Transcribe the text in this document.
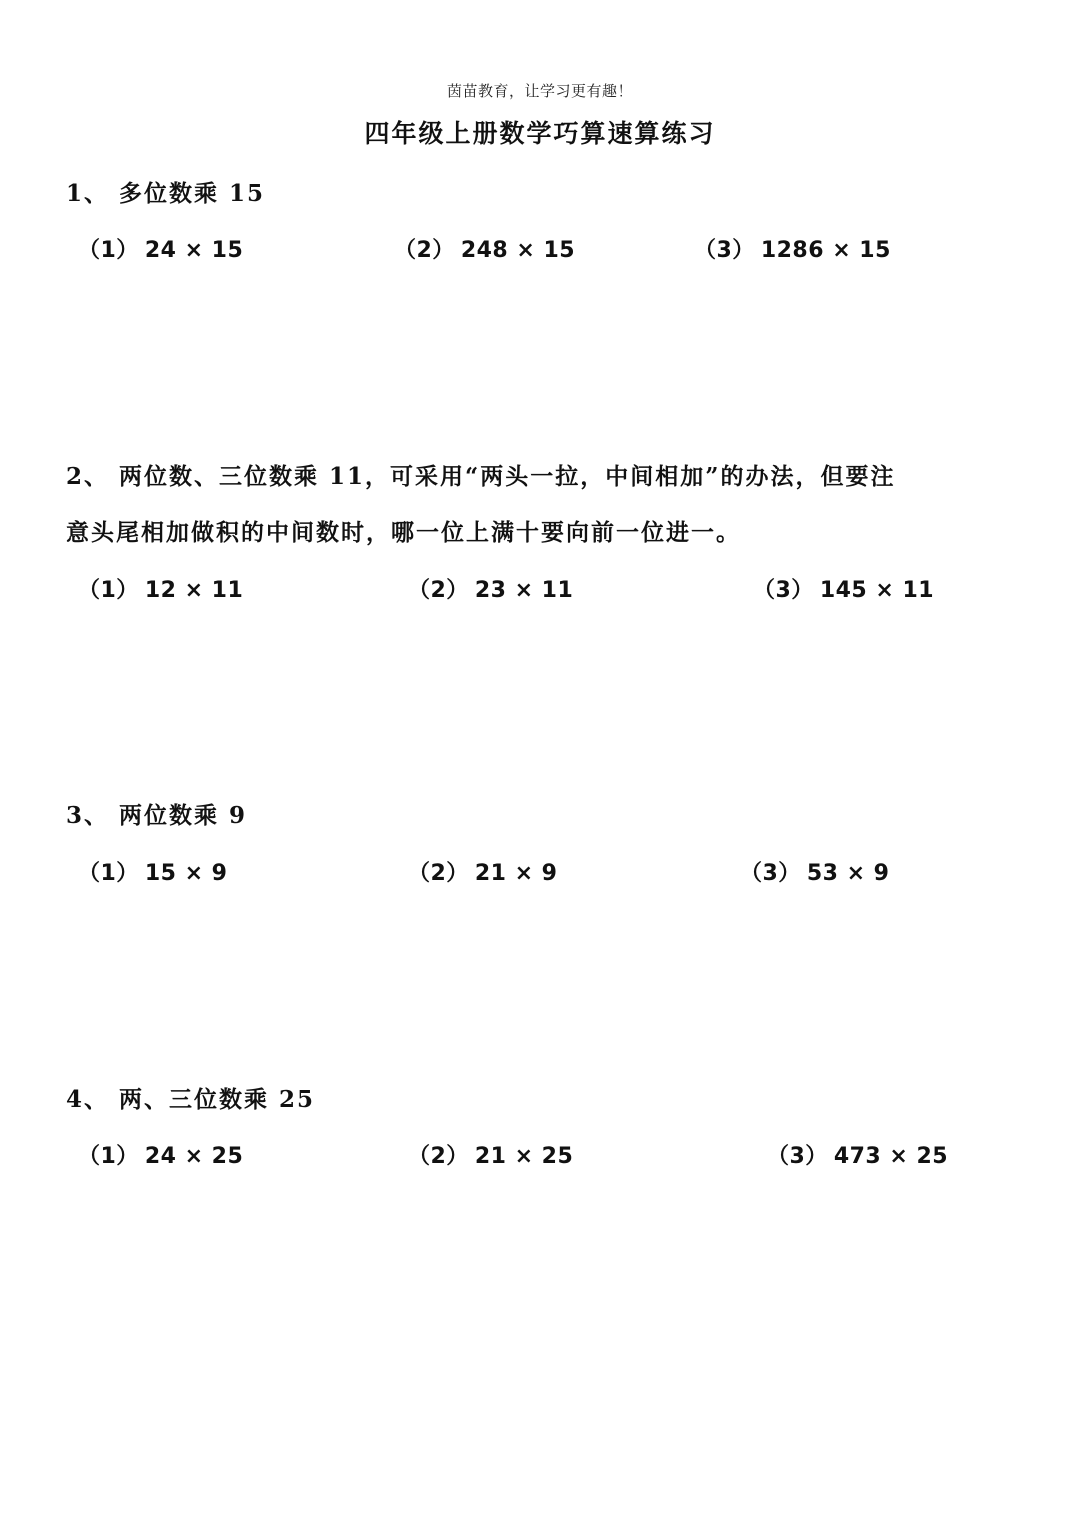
茵苗教育，让学习更有趣！
四年级上册数学巧算速算练习
1、 多位数乘 15
（1） 24 × 15	（2） 248 × 15	（3） 1286 × 15
2、 两位数、三位数乘 11，可采用“两头一拉，中间相加”的办法，但要注
意头尾相加做积的中间数时，哪一位上满十要向前一位进一。
（1） 12 × 11	（2） 23 × 11	（3） 145 × 11
3、 两位数乘 9
（1） 15 × 9	（2） 21 × 9	（3） 53 × 9
4、 两、三位数乘 25
（1） 24 × 25	（2） 21 × 25	（3） 473 × 25
